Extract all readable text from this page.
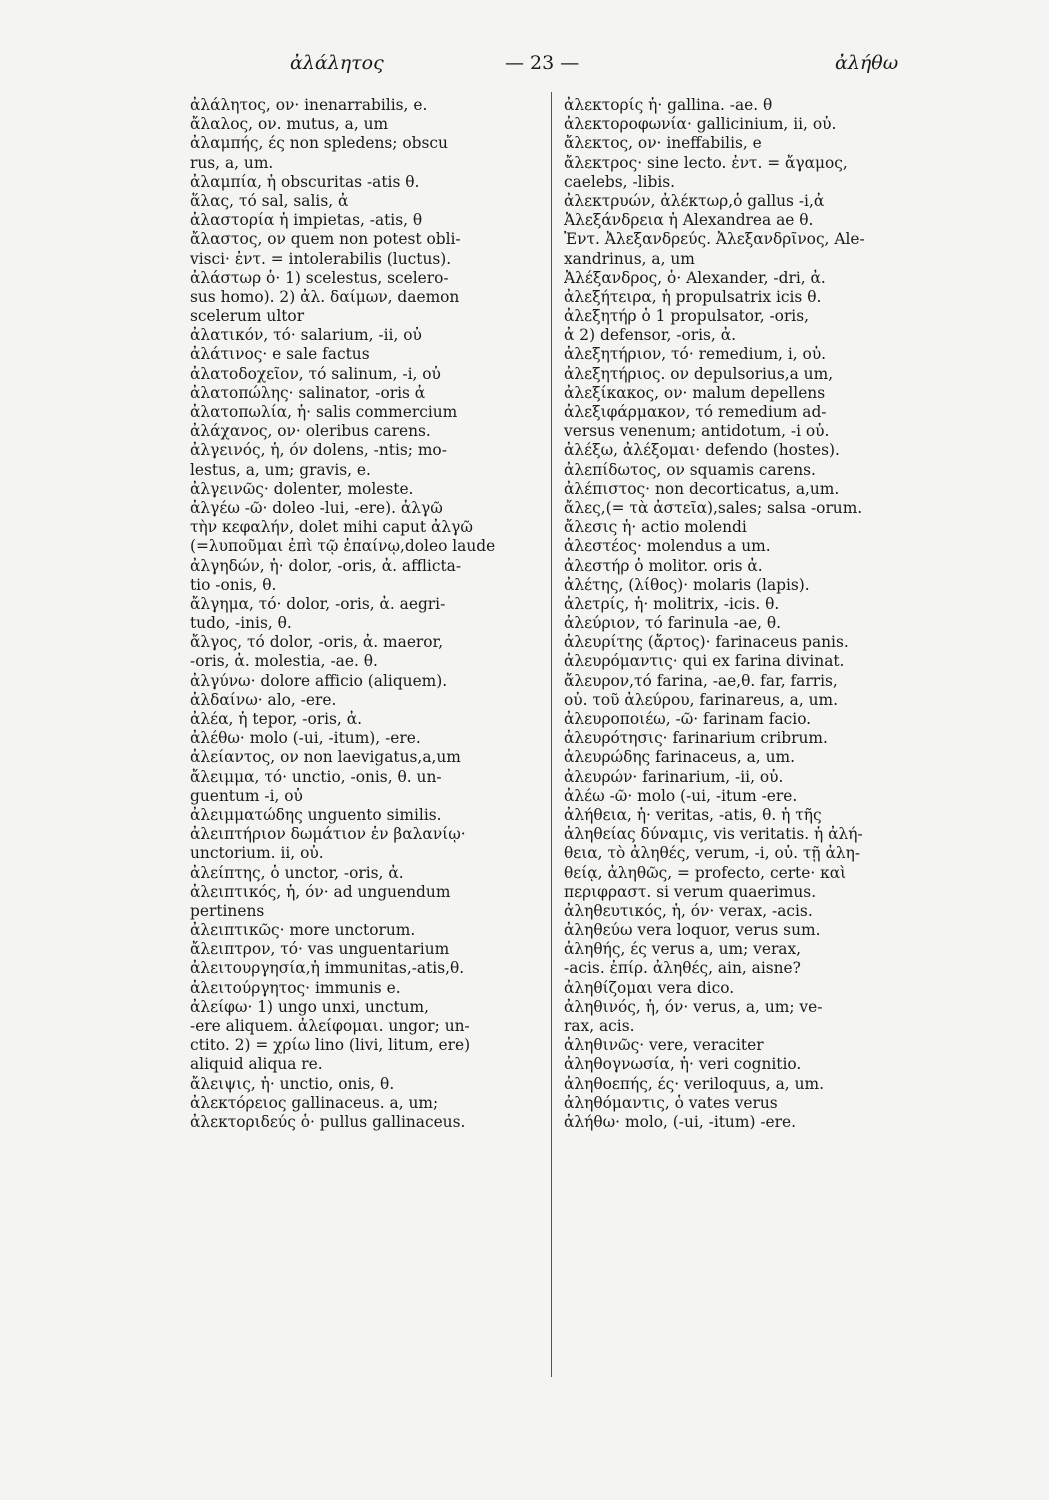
ἀλάλητος	— 23 —	ἀλήθω
ἀλάλητος, ον· inenarrabilis, e.
ἄλαλος, ον. mutus, a, um
ἀλαμπής, ές non spledens; obscu
rus, a, um.
ἀλαμπία, ἡ obscuritas -atis θ.
ἅλας, τό sal, salis, ἀ
ἀλαστορία ἡ impietas, -atis, θ
ἄλαστος, ον quem non potest obli-
visci· ἐντ. = intolerabilis (luctus).
ἀλάστωρ ὁ· 1) scelestus, scelero-
sus homo). 2) ἀλ. δαίμων, daemon
scelerum ultor
ἀλατικόν, τό· salarium, -ii, οὐ
ἀλάτινος· e sale factus
ἀλατοδοχεῖον, τό salinum, -i, οὐ
ἀλατοπώλης· salinator, -oris ἀ
ἀλατοπωλία, ἡ· salis commercium
ἀλάχανος, ον· oleribus carens.
ἀλγεινός, ἡ, όν dolens, -ntis; mo-
lestus, a, um; gravis, e.
ἀλγεινῶς· dolenter, moleste.
ἀλγέω -ῶ· doleo -lui, -ere). ἀλγῶ
τὴν κεφαλήν, dolet mihi caput ἀλγῶ
(=λυποῦμαι ἐπὶ τῷ ἐπαίνῳ,doleo laude
ἀλγηδών, ἡ· dolor, -oris, ἀ. afflicta-
tio -onis, θ.
ἄλγημα, τό· dolor, -oris, ἀ. aegri-
tudo, -inis, θ.
ἄλγος, τό dolor, -oris, ἀ. maeror,
-oris, ἀ. molestia, -ae. θ.
ἀλγύνω· dolore afficio (aliquem).
ἀλδαίνω· alo, -ere.
ἀλέα, ἡ tepor, -oris, ἀ.
ἀλέθω· molo (-ui, -itum), -ere.
ἀλείαντος, ον non laevigatus,a,um
ἄλειμμα, τό· unctio, -onis, θ. un-
guentum -i, οὐ
ἀλειμματώδης unguento similis.
ἀλειπτήριον δωμάτιον ἐν βαλανίῳ·
unctorium. ii, οὐ.
ἀλείπτης, ὁ unctor, -oris, ἀ.
ἀλειπτικός, ἡ, όν· ad unguendum
pertinens
ἀλειπτικῶς· more unctorum.
ἄλειπτρον, τό· vas unguentarium
ἀλειτουργησία,ἡ immunitas,-atis,θ.
ἀλειτούργητος· immunis e.
ἀλείφω· 1) ungo unxi, unctum,
-ere aliquem. ἀλείφομαι. ungor; un-
ctito. 2) = χρίω lino (livi, litum, ere)
aliquid aliqua re.
ἄλειψις, ἡ· unctio, onis, θ.
ἀλεκτόρειος gallinaceus. a, um;
ἀλεκτοριδεύς ὁ· pullus gallinaceus.
ἀλεκτορίς ἡ· gallina. -ae. θ
ἀλεκτοροφωνία· gallicinium, ii, οὐ.
ἄλεκτος, ον· ineffabilis, e
ἄλεκτρος· sine lecto. ἐντ. = ἄγαμος,
caelebs, -libis.
ἀλεκτρυών, ἀλέκτωρ,ὁ gallus -i,ἀ
Ἀλεξάνδρεια ἡ Alexandrea ae θ.
Ἐντ. Ἀλεξανδρεύς. Ἀλεξανδρῖνος, Ale-
xandrinus, a, um
Ἀλέξανδρος, ὁ· Alexander, -dri, ἀ.
ἀλεξήτειρα, ἡ propulsatrix icis θ.
ἀλεξητήρ ὁ 1 propulsator, -oris,
ἀ 2) defensor, -oris, ἀ.
ἀλεξητήριον, τό· remedium, i, οὐ.
ἀλεξητήριος. ον depulsorius,a um,
ἀλεξίκακος, ον· malum depellens
ἀλεξιφάρμακον, τό remedium ad-
versus venenum; antidotum, -i οὐ.
ἀλέξω, ἀλέξομαι· defendo (hostes).
ἀλεπίδωτος, ον squamis carens.
ἀλέπιστος· non decorticatus, a,um.
ἄλες,(= τὰ ἀστεῖα),sales; salsa -orum.
ἄλεσις ἡ· actio molendi
ἀλεστέος· molendus a um.
ἀλεστήρ ὁ molitor. oris ἀ.
ἀλέτης, (λίθος)· molaris (lapis).
ἀλετρίς, ἡ· molitrix, -icis. θ.
ἀλεύριον, τό farinula -ae, θ.
ἀλευρίτης (ἄρτος)· farinaceus panis.
ἀλευρόμαντις· qui ex farina divinat.
ἄλευρον,τό farina, -ae,θ. far, farris,
οὐ. τοῦ ἀλεύρου, farinareus, a, um.
ἀλευροποιέω, -ῶ· farinam facio.
ἀλευρότησις· farinarium cribrum.
ἀλευρώδης farinaceus, a, um.
ἀλευρών· farinarium, -ii, οὐ.
ἀλέω -ῶ· molo (-ui, -itum -ere.
ἀλήθεια, ἡ· veritas, -atis, θ. ἡ τῆς
ἀληθείας δύναμις, vis veritatis. ἡ ἀλή-
θεια, τὸ ἀληθές, verum, -i, οὐ. τῇ ἀλη-
θείᾳ, ἀληθῶς, = profecto, certe· καὶ
περιφραστ. si verum quaerimus.
ἀληθευτικός, ἡ, όν· verax, -acis.
ἀληθεύω vera loquor, verus sum.
ἀληθής, ές verus a, um; verax,
-acis. ἐπίρ. ἀληθές, ain, aisne?
ἀληθίζομαι vera dico.
ἀληθινός, ἡ, όν· verus, a, um; ve-
rax, acis.
ἀληθινῶς· vere, veraciter
ἀληθογνωσία, ἡ· veri cognitio.
ἀληθοεπής, ές· veriloquus, a, um.
ἀληθόμαντις, ὁ vates verus
ἀλήθω· molo, (-ui, -itum) -ere.
